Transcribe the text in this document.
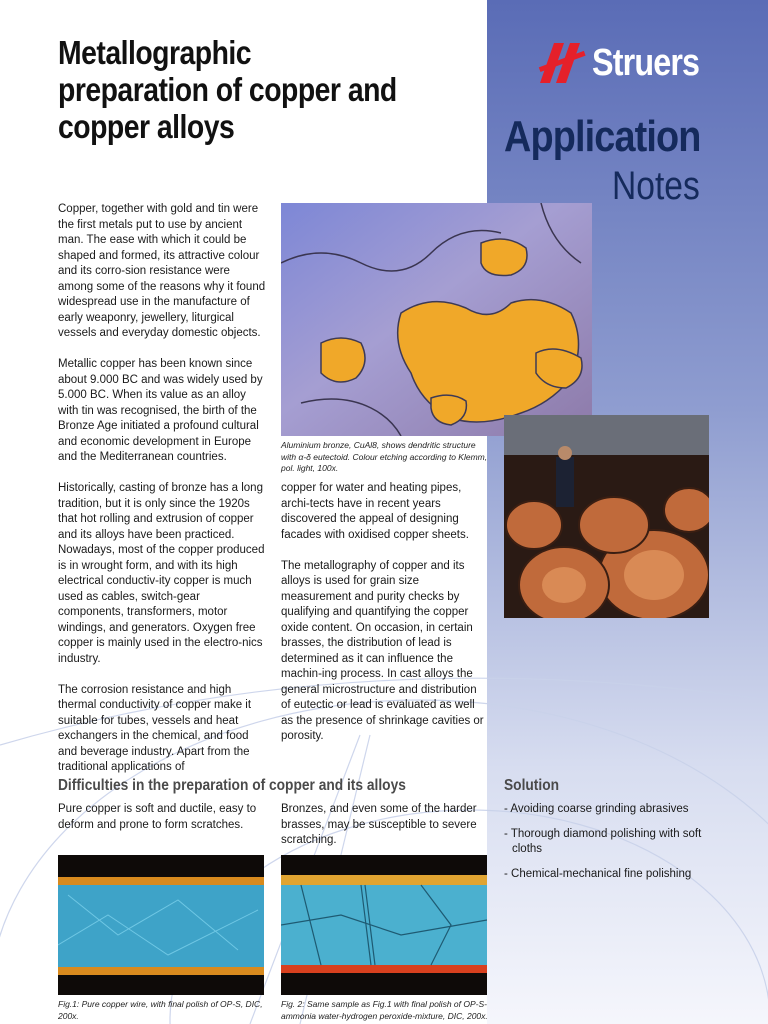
Metallographic preparation of copper and copper alloys
Struers
Application
Notes

Copper, together with gold and tin were the first metals put to use by ancient man. The ease with which it could be shaped and formed, its attractive colour and its corro-sion resistance were among some of the reasons why it found widespread use in the manufacture of early weaponry, jewellery, liturgical vessels and everyday domestic objects.

Metallic copper has been known since about 9.000 BC and was widely used by 5.000 BC. When its value as an alloy with tin was recognised, the birth of the Bronze Age initiated a profound cultural and economic development in Europe and the Mediterranean countries.

Historically, casting of bronze has a long tradition, but it is only since the 1920s that hot rolling and extrusion of copper and its alloys have been practiced. Nowadays, most of the copper produced is in wrought form, and with its high electrical conductiv-ity copper is much used as cables, switch-gear components, transformers, motor windings, and generators. Oxygen free copper is mainly used in the electro-nics industry.

The corrosion resistance and high thermal conductivity of copper make it suitable for tubes, vessels and heat exchangers in the chemical, and food and beverage industry. Apart from the traditional applications of

Aluminium bronze, CuAl8, shows dendritic structure with α-δ eutectoid. Colour etching according to Klemm, pol. light, 100x.

copper for water and heating pipes, archi-tects have in recent years discovered the appeal of designing facades with oxidised copper sheets.

The metallography of copper and its alloys is used for grain size measurement and purity checks by qualifying and quantifying the copper oxide content. On occasion, in certain brasses, the distribution of lead is determined as it can influence the machin-ing process. In cast alloys the general microstructure and distribution of eutectic or lead is evaluated as well as the presence of shrinkage cavities or porosity.

Difficulties in the preparation of copper and its alloys	Solution
Pure copper is soft and ductile, easy to deform and prone to form scratches.
Bronzes, and even some of the harder brasses, may be susceptible to severe scratching.
- Avoiding coarse grinding abrasives
- Thorough diamond polishing with soft cloths
- Chemical-mechanical fine polishing
Fig.1: Pure copper wire, with final polish of OP-S, DIC, 200x.
Fig. 2: Same sample as Fig.1 with final polish of OP-S-ammonia water-hydrogen peroxide-mixture, DIC, 200x.
